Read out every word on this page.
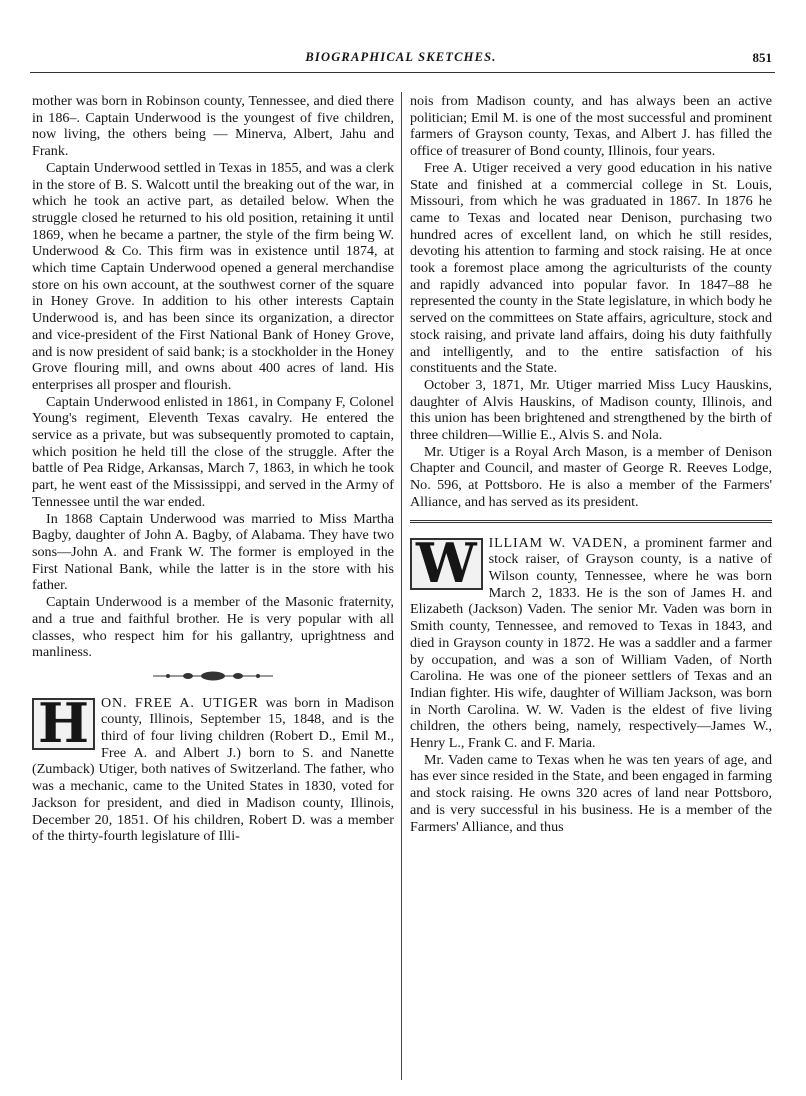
BIOGRAPHICAL SKETCHES.	851

mother was born in Robinson county, Tennessee, and died there in 186–. Captain Underwood is the youngest of five children, now living, the others being — Minerva, Albert, Jahu and Frank.

Captain Underwood settled in Texas in 1855, and was a clerk in the store of B. S. Walcott until the breaking out of the war, in which he took an active part, as detailed below. When the struggle closed he returned to his old position, retaining it until 1869, when he became a partner, the style of the firm being W. Underwood & Co. This firm was in existence until 1874, at which time Captain Underwood opened a general merchandise store on his own account, at the southwest corner of the square in Honey Grove. In addition to his other interests Captain Underwood is, and has been since its organization, a director and vice-president of the First National Bank of Honey Grove, and is now president of said bank; is a stockholder in the Honey Grove flouring mill, and owns about 400 acres of land. His enterprises all prosper and flourish.

Captain Underwood enlisted in 1861, in Company F, Colonel Young's regiment, Eleventh Texas cavalry. He entered the service as a private, but was subsequently promoted to captain, which position he held till the close of the struggle. After the battle of Pea Ridge, Arkansas, March 7, 1863, in which he took part, he went east of the Mississippi, and served in the Army of Tennessee until the war ended.

In 1868 Captain Underwood was married to Miss Martha Bagby, daughter of John A. Bagby, of Alabama. They have two sons—John A. and Frank W. The former is employed in the First National Bank, while the latter is in the store with his father.

Captain Underwood is a member of the Masonic fraternity, and a true and faithful brother. He is very popular with all classes, who respect him for his gallantry, uprightness and manliness.

H ON. FREE A. UTIGER was born in Madison county, Illinois, September 15, 1848, and is the third of four living children (Robert D., Emil M., Free A. and Albert J.) born to S. and Nanette (Zumback) Utiger, both natives of Switzerland. The father, who was a mechanic, came to the United States in 1830, voted for Jackson for president, and died in Madison county, Illinois, December 20, 1851. Of his children, Robert D. was a member of the thirty-fourth legislature of Illi-

nois from Madison county, and has always been an active politician; Emil M. is one of the most successful and prominent farmers of Grayson county, Texas, and Albert J. has filled the office of treasurer of Bond county, Illinois, four years.

Free A. Utiger received a very good education in his native State and finished at a commercial college in St. Louis, Missouri, from which he was graduated in 1867. In 1876 he came to Texas and located near Denison, purchasing two hundred acres of excellent land, on which he still resides, devoting his attention to farming and stock raising. He at once took a foremost place among the agriculturists of the county and rapidly advanced into popular favor. In 1847–88 he represented the county in the State legislature, in which body he served on the committees on State affairs, agriculture, stock and stock raising, and private land affairs, doing his duty faithfully and intelligently, and to the entire satisfaction of his constituents and the State.

October 3, 1871, Mr. Utiger married Miss Lucy Hauskins, daughter of Alvis Hauskins, of Madison county, Illinois, and this union has been brightened and strengthened by the birth of three children—Willie E., Alvis S. and Nola.

Mr. Utiger is a Royal Arch Mason, is a member of Denison Chapter and Council, and master of George R. Reeves Lodge, No. 596, at Pottsboro. He is also a member of the Farmers' Alliance, and has served as its president.

W ILLIAM W. VADEN, a prominent farmer and stock raiser, of Grayson county, is a native of Wilson county, Tennessee, where he was born March 2, 1833. He is the son of James H. and Elizabeth (Jackson) Vaden. The senior Mr. Vaden was born in Smith county, Tennessee, and removed to Texas in 1843, and died in Grayson county in 1872. He was a saddler and a farmer by occupation, and was a son of William Vaden, of North Carolina. He was one of the pioneer settlers of Texas and an Indian fighter. His wife, daughter of William Jackson, was born in North Carolina. W. W. Vaden is the eldest of five living children, the others being, namely, respectively—James W., Henry L., Frank C. and F. Maria.

Mr. Vaden came to Texas when he was ten years of age, and has ever since resided in the State, and been engaged in farming and stock raising. He owns 320 acres of land near Pottsboro, and is very successful in his business. He is a member of the Farmers' Alliance, and thus
